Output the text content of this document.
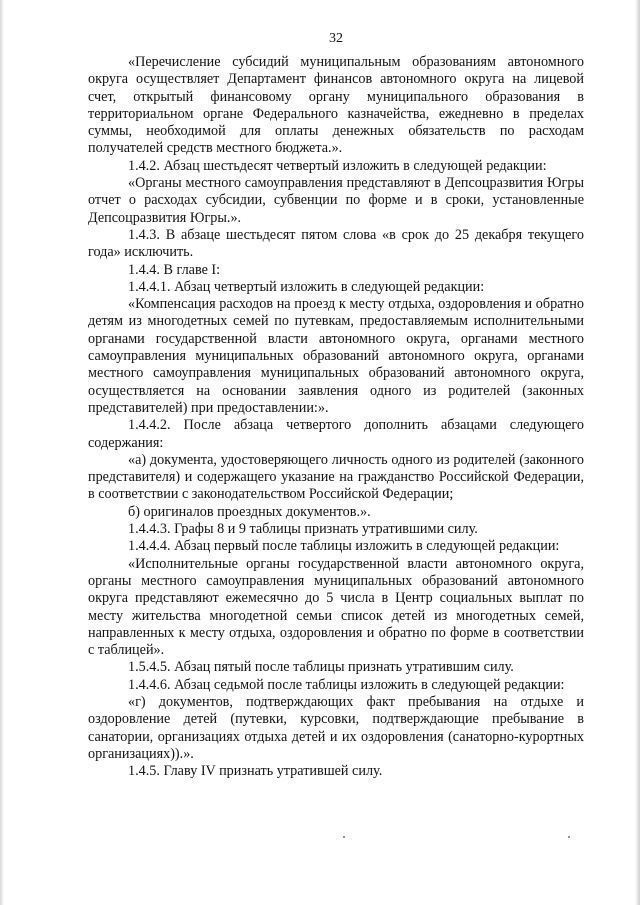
32

«Перечисление субсидий муниципальным образованиям автономного округа осуществляет Департамент финансов автономного округа на лицевой счет, открытый финансовому органу муниципального образования в территориальном органе Федерального казначейства, ежедневно в пределах суммы, необходимой для оплаты денежных обязательств по расходам получателей средств местного бюджета.».

1.4.2. Абзац шестьдесят четвертый изложить в следующей редакции:

«Органы местного самоуправления представляют в Депсоцразвития Югры отчет о расходах субсидии, субвенции по форме и в сроки, установленные Депсоцразвития Югры.».

1.4.3. В абзаце шестьдесят пятом слова «в срок до 25 декабря текущего года» исключить.

1.4.4. В главе I:

1.4.4.1. Абзац четвертый изложить в следующей редакции:

«Компенсация расходов на проезд к месту отдыха, оздоровления и обратно детям из многодетных семей по путевкам, предоставляемым исполнительными органами государственной власти автономного округа, органами местного самоуправления муниципальных образований автономного округа, органами местного самоуправления муниципальных образований автономного округа, осуществляется на основании заявления одного из родителей (законных представителей) при предоставлении:».

1.4.4.2. После абзаца четвертого дополнить абзацами следующего содержания:

«а) документа, удостоверяющего личность одного из родителей (законного представителя) и содержащего указание на гражданство Российской Федерации, в соответствии с законодательством Российской Федерации;

б) оригиналов проездных документов.».

1.4.4.3. Графы 8 и 9 таблицы признать утратившими силу.

1.4.4.4. Абзац первый после таблицы изложить в следующей редакции:

«Исполнительные органы государственной власти автономного округа, органы местного самоуправления муниципальных образований автономного округа представляют ежемесячно до 5 числа в Центр социальных выплат по месту жительства многодетной семьи список детей из многодетных семей, направленных к месту отдыха, оздоровления и обратно по форме в соответствии с таблицей».

1.5.4.5. Абзац пятый после таблицы признать утратившим силу.

1.4.4.6. Абзац седьмой после таблицы изложить в следующей редакции:

«г) документов, подтверждающих факт пребывания на отдыхе и оздоровление детей (путевки, курсовки, подтверждающие пребывание в санатории, организациях отдыха детей и их оздоровления (санаторно-курортных организациях)).».

1.4.5. Главу IV признать утратившей силу.
